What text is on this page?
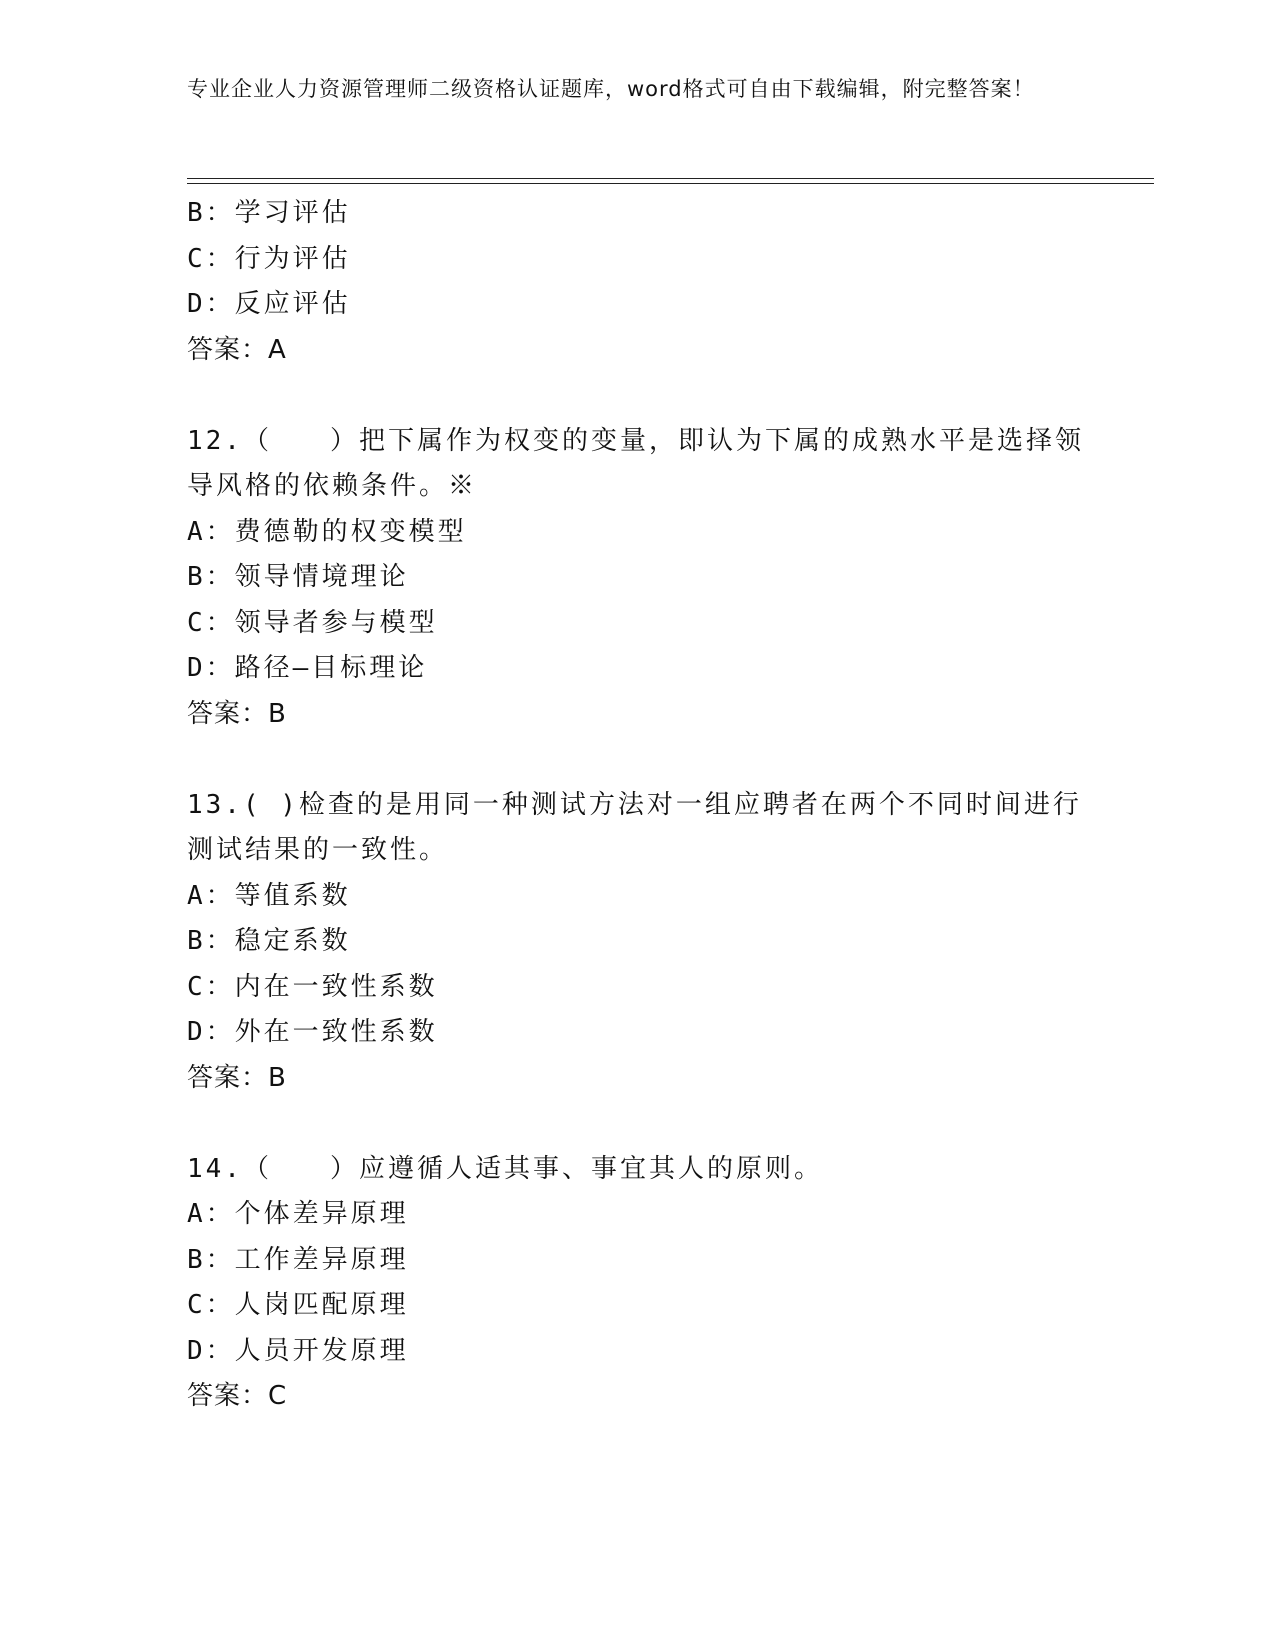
专业企业人力资源管理师二级资格认证题库，word格式可自由下载编辑，附完整答案！
B：学习评估
C：行为评估
D：反应评估
答案：A
12.（　　）把下属作为权变的变量，即认为下属的成熟水平是选择领导风格的依赖条件。※
A：费德勒的权变模型
B：领导情境理论
C：领导者参与模型
D：路径—目标理论
答案：B
13.( )检查的是用同一种测试方法对一组应聘者在两个不同时间进行测试结果的一致性。
A：等值系数
B：稳定系数
C：内在一致性系数
D：外在一致性系数
答案：B
14.（　　）应遵循人适其事、事宜其人的原则。
A：个体差异原理
B：工作差异原理
C：人岗匹配原理
D：人员开发原理
答案：C
